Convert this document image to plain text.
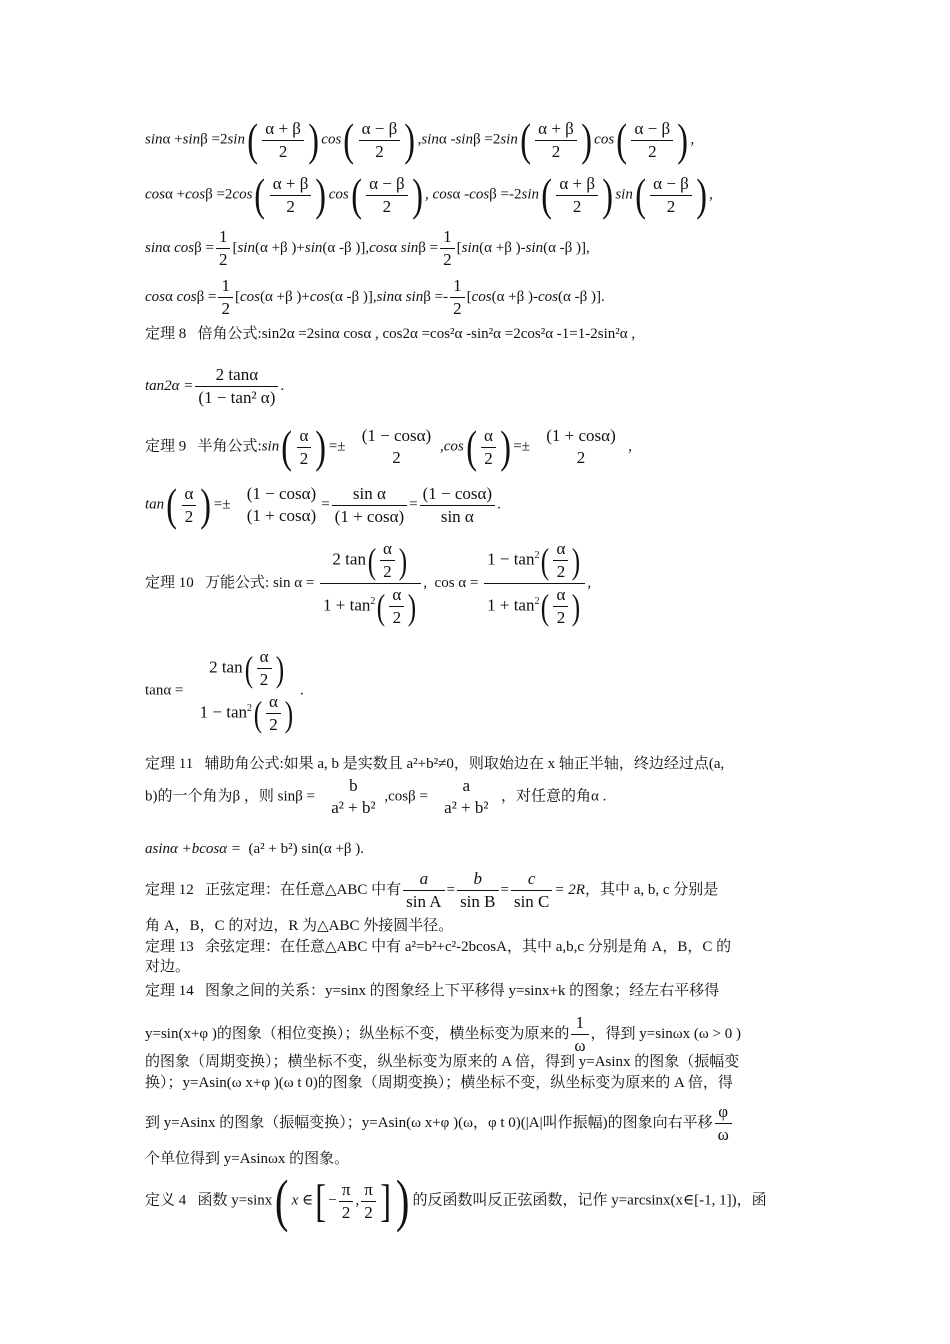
$\sin\alpha +\sin\beta =2\sin( \frac{\alpha + \beta}{2}$ ) $\cos( \frac{\alpha - \beta}{2}$ ) ,sinα $-\sin\beta =2\sin( \frac{\alpha + \beta}{2}$ ) $\cos( \frac{\alpha - \beta}{2}$ ) ,
$\cos\alpha +\cos\beta =2\cos( \frac{\alpha + \beta}{2}$ ) $\cos( \frac{\alpha - \beta}{2}$ ) , cosα $-\cos\beta =-2\sin( \frac{\alpha + \beta}{2}$ ) $\sin( \frac{\alpha - \beta}{2}$ ) ,
sinα $\cos\beta = \frac{1}{2} [\sin(\alpha +\beta$ )+sin(α -β )],cosα $\sin\beta = \frac{1}{2} [\sin(\alpha +\beta$ )-sin(α -β )],
cosα $\cos\beta = \frac{1}{2} [\cos(\alpha +\beta$ )+cos(α -β )],sinα $\sin\beta =- \frac{1}{2} [\cos(\alpha +\beta$ )-cos(α -β )].
定理 8 倍角公式:sin2α =2sinα cosα , cos2α =cos²α -sin²α =2cos²α -1=1-2sin²α ,
$\tan 2\alpha = \frac{2 \tan\alpha}{\text{(1 − tan² α)}}$ .
定理 9 半角公式:sin( $\frac{\alpha}{2}$ ) =±
(1 − cosα)
2
$,\cos( \frac{\alpha}{2}$ ) =±
(1 + cosα)
2
,
$\tan( \frac{\alpha}{2}$ ) =±
(1 − cosα)
(1 + cosα)
= $\frac{\text{sin α}}{(1 + \cos\alpha)} = \frac{(1 - \cos\alpha)}{\text{sin α}}$ .
定理 10 万能公式: $\sin \alpha = \frac{2 \tan( \frac{\alpha}{2} )}{1 + \tan^2( \frac{\alpha}{2} )}$ , $\cos \alpha = \frac{1 - \tan^2( \frac{\alpha}{2} )}{1 + \tan^2( \frac{\alpha}{2} )}$ ,
tanα =
2 $\tan( \frac{\alpha}{2}$ )
$1 - \tan^2( \frac{\alpha}{2}$ )
.
定理 11 辅助角公式:如果 a, b 是实数且 a²+b²≠0，则取始边在 x 轴正半轴，终边经过点(a,
b)的一个角为β ，则 sinβ =
b
a² + b²
,cosβ =
a
a² + b²
，对任意的角α .
asinα +bcosα = (a² + b²) sin(α +β ).
定理 12 正弦定理：在任意△ABC 中有 $\frac{a}{\text{sin A}} = \frac{b}{\text{sin B}} = \frac{c}{\text{sin C}} = 2R$，其中 a, b, c 分别是
角 A，B，C 的对边，R 为△ABC 外接圆半径。
定理 13 余弦定理：在任意△ABC 中有 a²=b²+c²-2bcosA，其中 a,b,c 分别是角 A，B，C 的
对边。
定理 14 图象之间的关系：y=sinx 的图象经上下平移得 y=sinx+k 的图象；经左右平移得
y=sin(x+φ )的图象（相位变换）；纵坐标不变，横坐标变为原来的 $\frac{1}{\omega}$ ，得到 y=sinωx (ω > 0 )
的图象（周期变换）；横坐标不变，纵坐标变为原来的 A 倍，得到 y=Asinx 的图象（振幅变
换）；y=Asin(ω x+φ )(ω t 0)的图象（周期变换）；横坐标不变，纵坐标变为原来的 A 倍，得
到 y=Asinx 的图象（振幅变换）；y=Asin(ω x+φ )(ω，φ t 0)(|A|叫作振幅)的图象向右平移 $\frac{\varphi}{\omega}$
个单位得到 y=Asinωx 的图象。
定义 4 函数 y=sinx( x ∈[ − $\frac{\pi}{2}$ , $\frac{\pi}{2}$ ]) 的反函数叫反正弦函数，记作 y=arcsinx(x∈[-1, 1])，函
